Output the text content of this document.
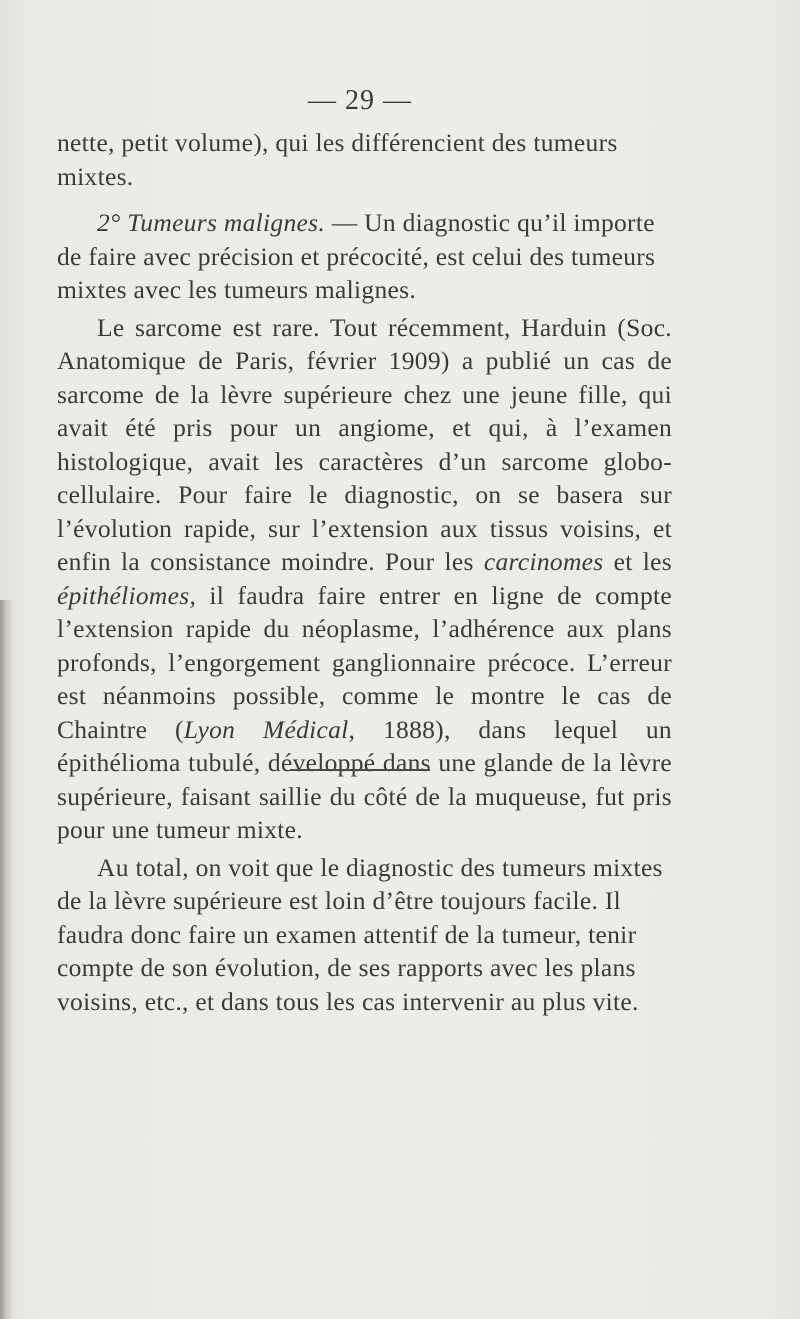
— 29 —

nette, petit volume), qui les différencient des tumeurs mixtes.

2° Tumeurs malignes. — Un diagnostic qu’il importe de faire avec précision et précocité, est celui des tumeurs mixtes avec les tumeurs malignes.

Le sarcome est rare. Tout récemment, Harduin (Soc. Anatomique de Paris, février 1909) a publié un cas de sarcome de la lèvre supérieure chez une jeune fille, qui avait été pris pour un angiome, et qui, à l’examen histologique, avait les caractères d’un sarcome globo-cellulaire. Pour faire le diagnostic, on se basera sur l’évolution rapide, sur l’extension aux tissus voisins, et enfin la consistance moindre. Pour les carcinomes et les épithéliomes, il faudra faire entrer en ligne de compte l’extension rapide du néoplasme, l’adhérence aux plans profonds, l’engorgement ganglionnaire précoce. L’erreur est néanmoins possible, comme le montre le cas de Chaintre (Lyon Médical, 1888), dans lequel un épithélioma tubulé, développé dans une glande de la lèvre supérieure, faisant saillie du côté de la muqueuse, fut pris pour une tumeur mixte.

Au total, on voit que le diagnostic des tumeurs mixtes de la lèvre supérieure est loin d’être toujours facile. Il faudra donc faire un examen attentif de la tumeur, tenir compte de son évolution, de ses rapports avec les plans voisins, etc., et dans tous les cas intervenir au plus vite.
